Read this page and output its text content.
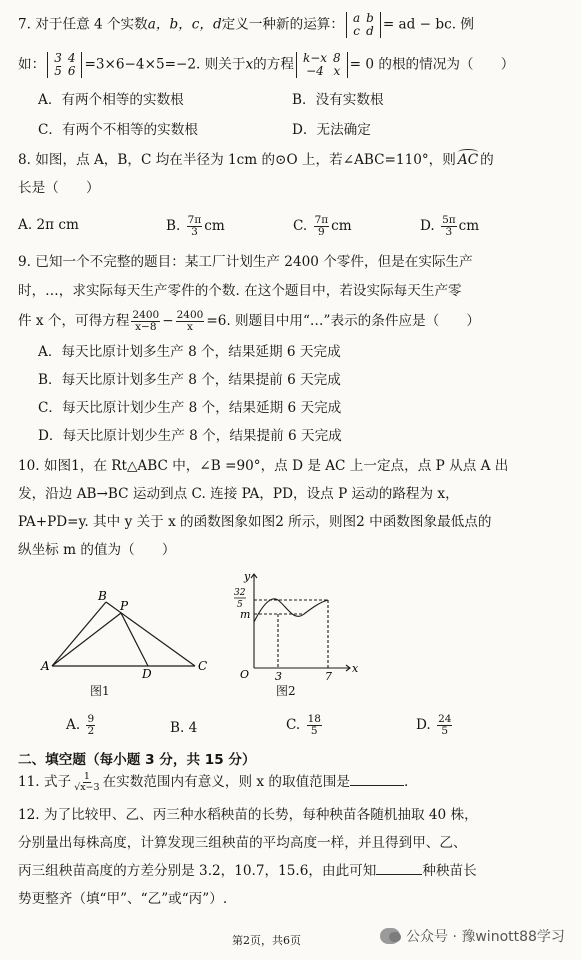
7. 对于任意 4 个实数a，b，c，d定义一种新的运算： a	b
c	d = ad − bc. 例
如： 3	4
5	6 =3×6−4×5=−2. 则关于x的方程 k−x	8
−4	x = 0 的根的情况为（　　）
A．有两个相等的实数根	B．没有实数根
C．有两个不相等的实数根	D．无法确定
8. 如图，点 A，B，C 均在半径为 1cm 的⊙O 上，若∠ABC=110°，则 AC 的
长是（　　）
A. 2π cm	B. $\frac{7\pi}{3}$ cm	C. $\frac{7\pi}{9}$ cm	D. $\frac{5\pi}{3}$ cm
9. 已知一个不完整的题目：某工厂计划生产 2400 个零件，但是在实际生产
时，…，求实际每天生产零件的个数. 在这个题目中，若设实际每天生产零
件 x 个，可得方程 $\frac{2400}{x-8} - \frac{2400}{x} =6$. 则题目中用“…”表示的条件应是（　　）
A．每天比原计划多生产 8 个，结果延期 6 天完成
B．每天比原计划多生产 8 个，结果提前 6 天完成
C．每天比原计划少生产 8 个，结果延期 6 天完成
D．每天比原计划少生产 8 个，结果提前 6 天完成
10. 如图1，在 Rt△ABC 中，∠B =90°，点 D 是 AC 上一定点，点 P 从点 A 出
发，沿边 AB→BC 运动到点 C. 连接 PA，PD，设点 P 运动的路程为 x，
PA+PD=y. 其中 y 关于 x 的函数图象如图2 所示，则图2 中函数图象最低点的
纵坐标 m 的值为（　　）
A
B
P
D
C
图1
y
x
O
32
5
m
3	7
图2
A. $\frac{9}{2}$	B. 4	C. $\frac{18}{5}$	D. $\frac{24}{5}$
二、填空题（每小题 3 分，共 15 分）
11. 式子 $\frac{1}{√x-3}$ 在实数范围内有意义，则 x 的取值范围是	.
12. 为了比较甲、乙、丙三种水稻秧苗的长势，每种秧苗各随机抽取 40 株，
分别量出每株高度，计算发现三组秧苗的平均高度一样，并且得到甲、乙、
丙三组秧苗高度的方差分别是 3.2，10.7，15.6，由此可知	种秧苗长
势更整齐（填“甲”、“乙”或“丙”）.
第2页，共6页	公众号 · 豫winott88学习
